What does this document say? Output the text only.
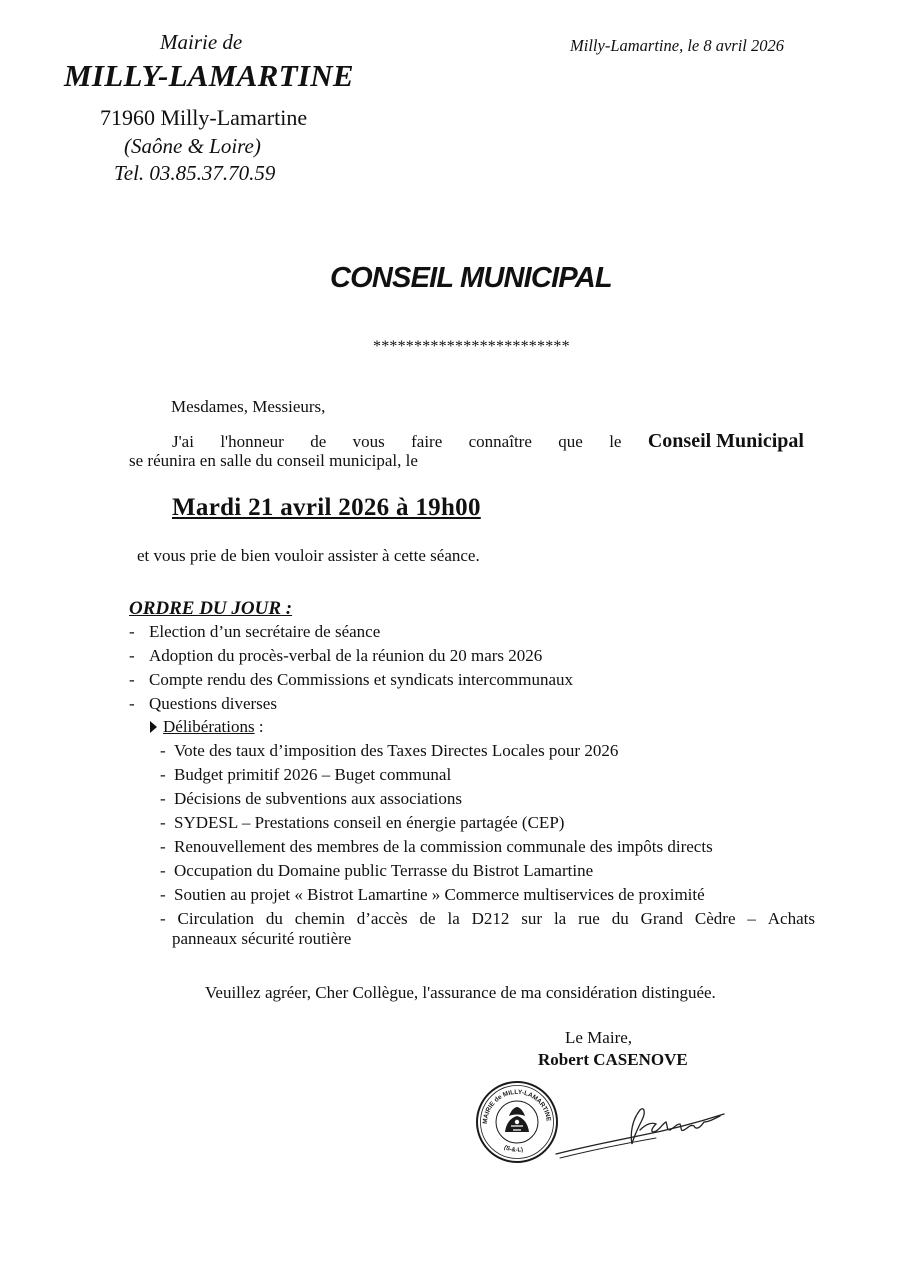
Mairie de
MILLY-LAMARTINE
71960 Milly-Lamartine
(Saône & Loire)
Tel. 03.85.37.70.59
Milly-Lamartine, le 8 avril 2026
CONSEIL MUNICIPAL
************************
Mesdames, Messieurs,
J'ai l'honneur de vous faire connaître que le Conseil Municipal
se réunira en salle du conseil municipal, le
Mardi 21 avril 2026 à 19h00
et vous prie de bien vouloir assister à cette séance.
ORDRE DU JOUR :
- Election d’un secrétaire de séance
- Adoption du procès-verbal de la réunion du 20 mars 2026
- Compte rendu des Commissions et syndicats intercommunaux
- Questions diverses
Délibérations :
- Vote des taux d’imposition des Taxes Directes Locales pour 2026
- Budget primitif 2026 – Buget communal
- Décisions de subventions aux associations
- SYDESL – Prestations conseil en énergie partagée (CEP)
- Renouvellement des membres de la commission communale des impôts directs
- Occupation du Domaine public Terrasse du Bistrot Lamartine
- Soutien au projet « Bistrot Lamartine » Commerce multiservices de proximité
- Circulation du chemin d’accès de la D212 sur la rue du Grand Cèdre – Achats
panneaux sécurité routière
Veuillez agréer, Cher Collègue, l'assurance de ma considération distinguée.
Le Maire,
Robert CASENOVE
MAIRIE de MILLY-LAMARTINE
(S-&-L)
